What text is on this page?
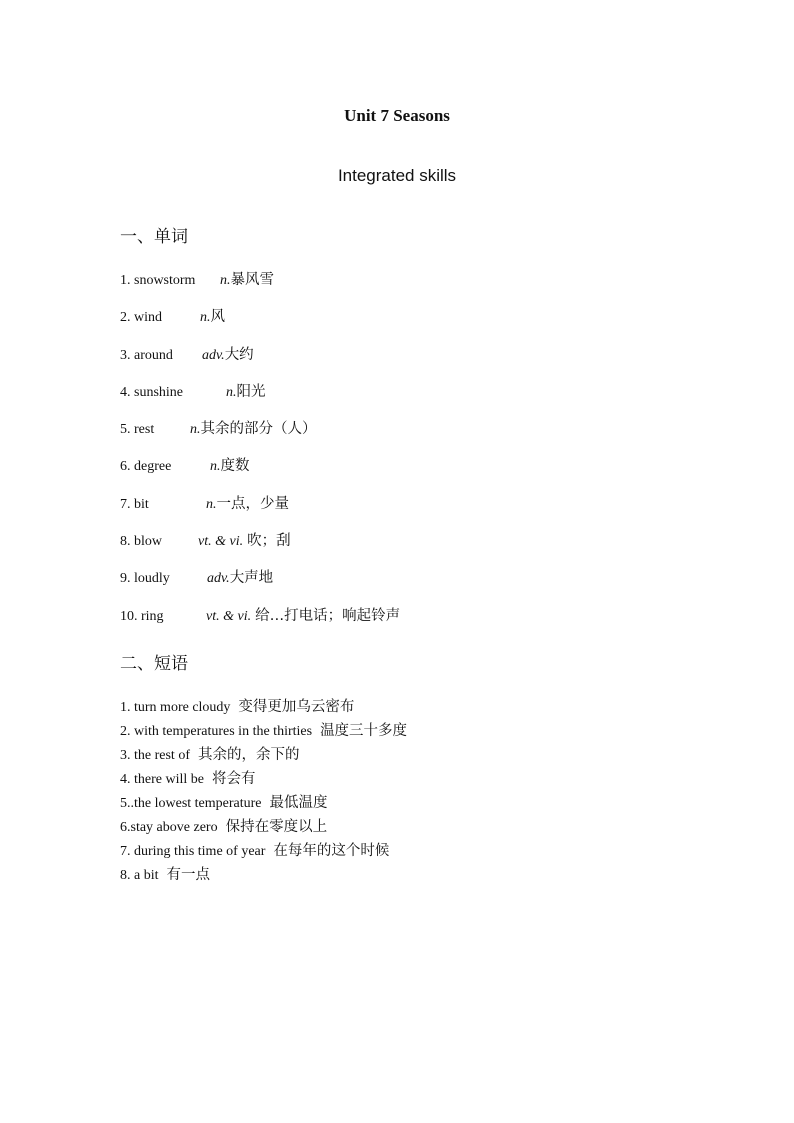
Unit 7 Seasons
Integrated skills
一、单词
1. snowstorm n.暴风雪
2. wind	n.风
3. around adv.大约
4. sunshine	n.阳光
5. rest	n.其余的部分（人）
6. degree	n.度数
7. bit	n.一点，少量
8. blow	vt. & vi. 吹；刮
9. loudly	adv.大声地
10. ring	vt. & vi. 给…打电话；响起铃声
二、短语
1. turn more cloudy 变得更加乌云密布
2. with temperatures in the thirties 温度三十多度
3. the rest of 其余的，余下的
4. there will be 将会有
5..the lowest temperature 最低温度
6.stay above zero 保持在零度以上
7. during this time of year 在每年的这个时候
8. a bit 有一点
